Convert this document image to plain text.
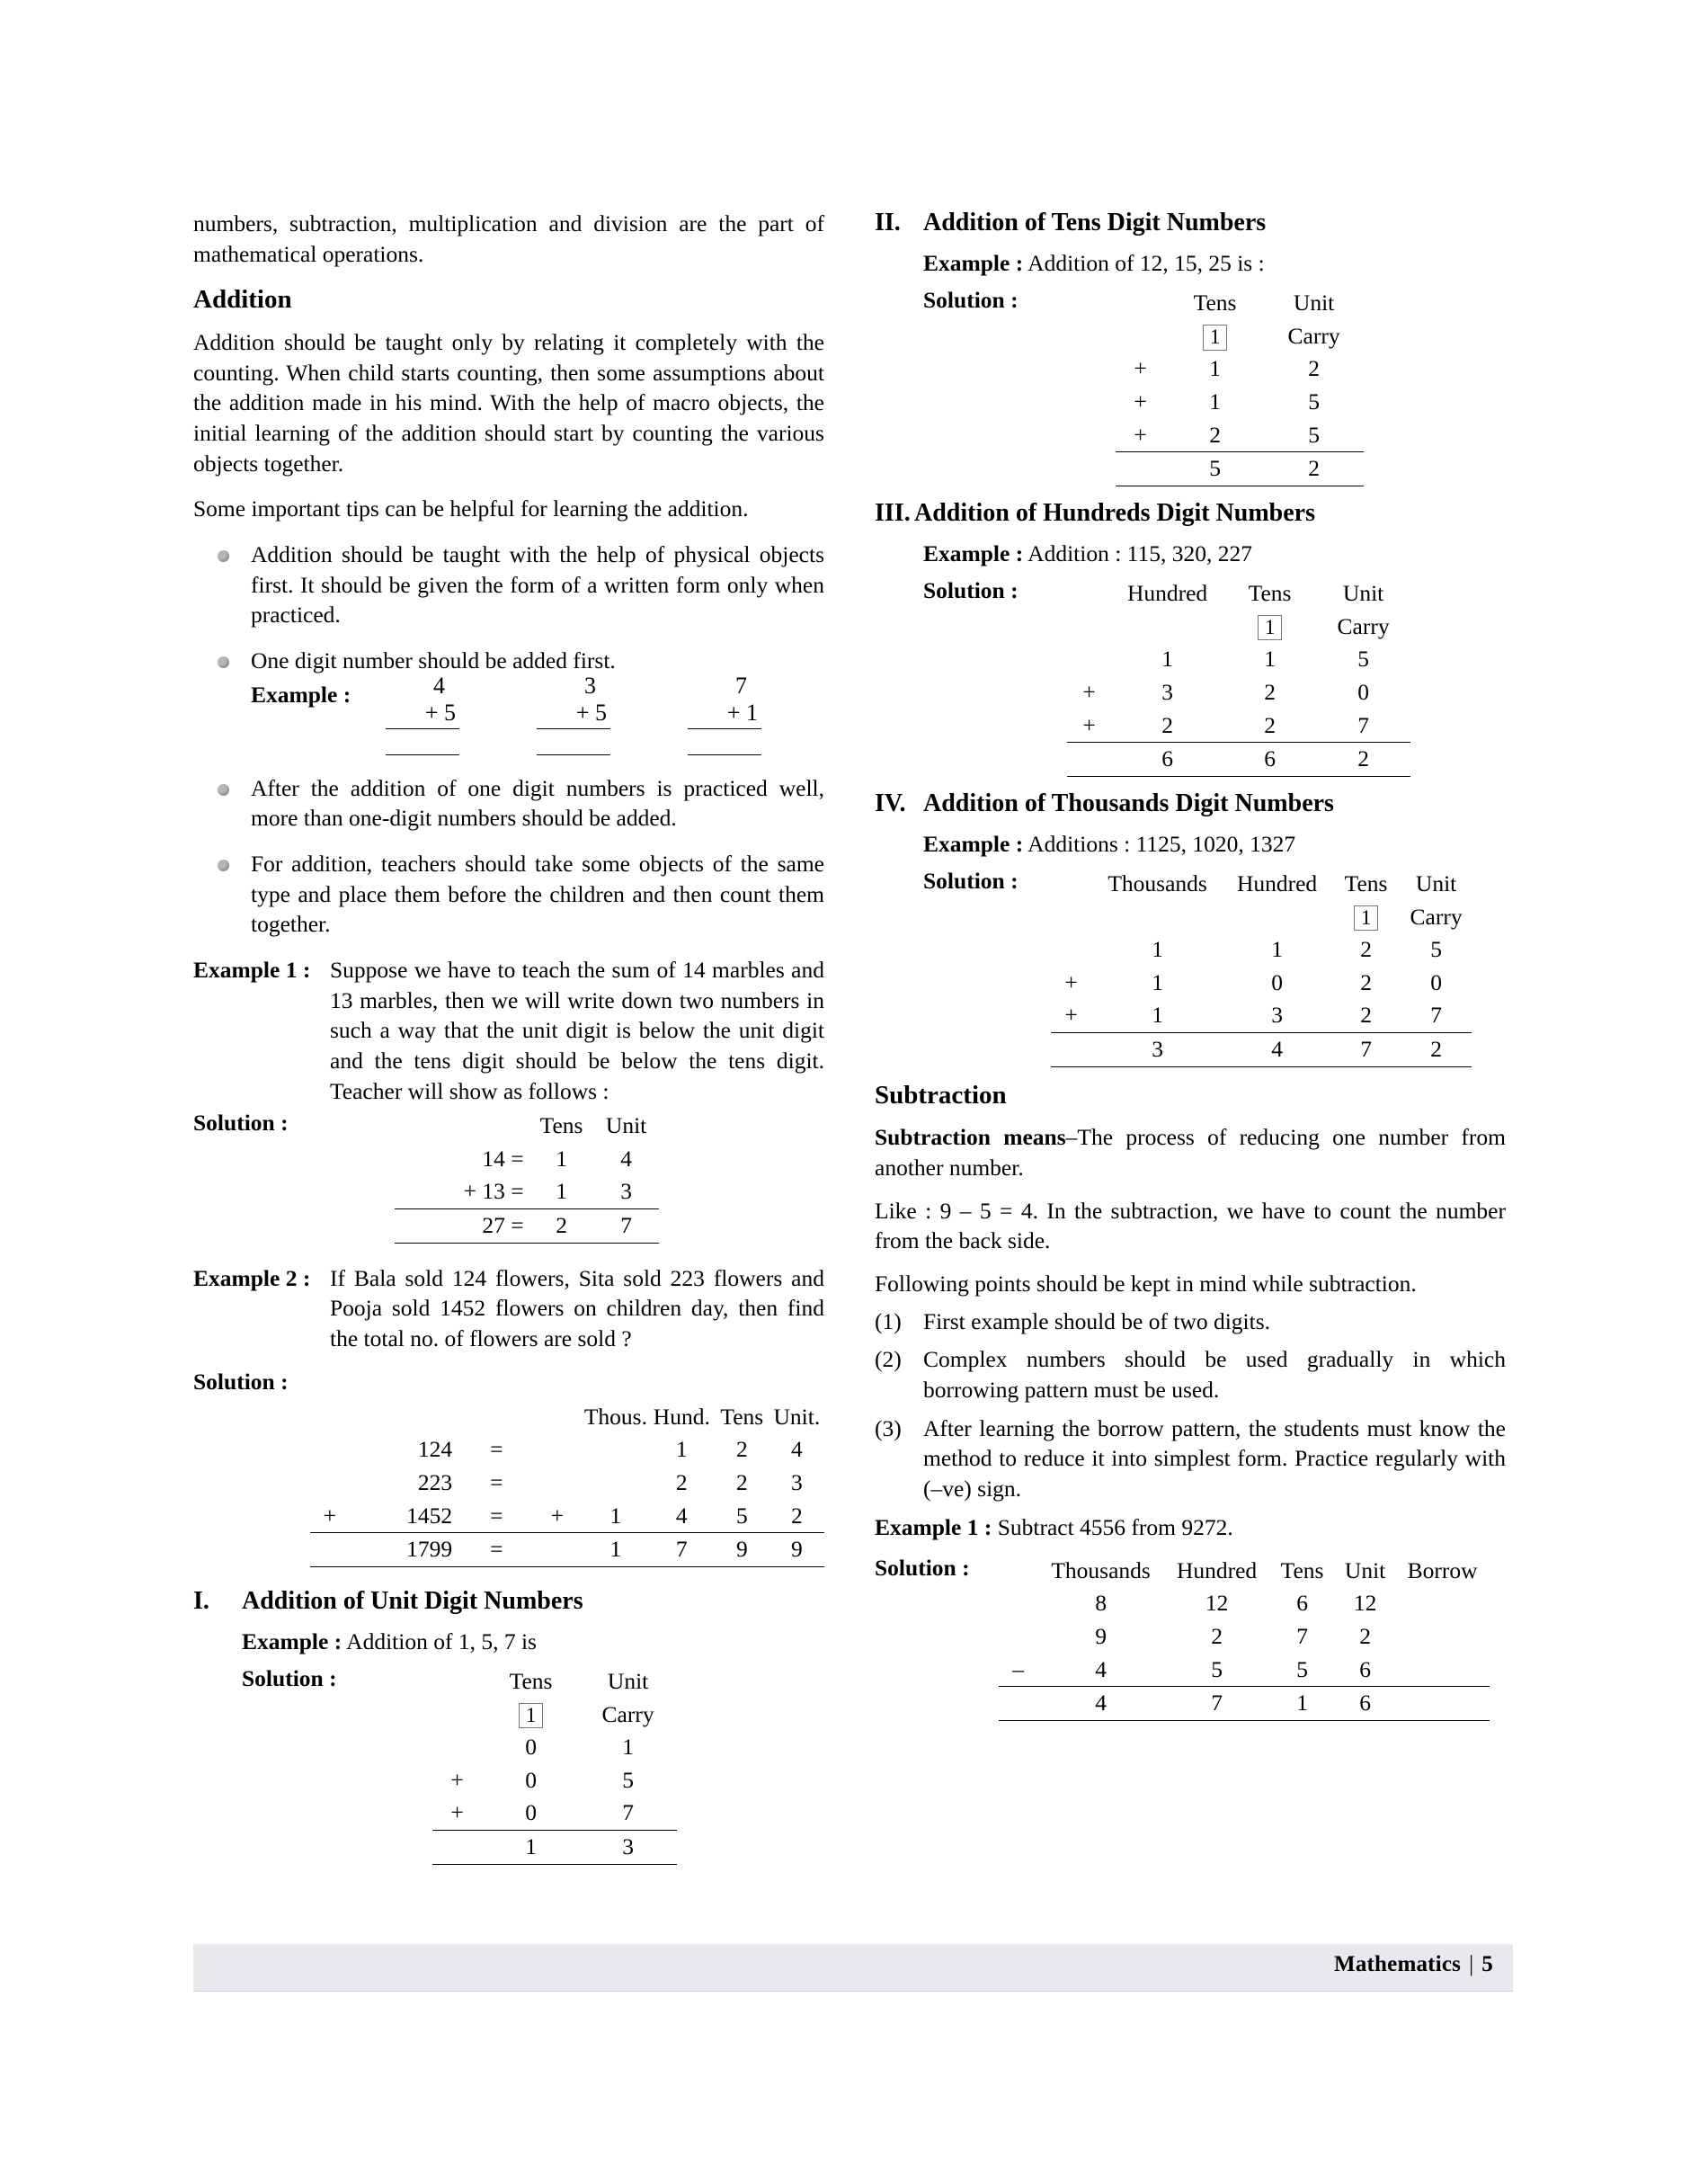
numbers, subtraction, multiplication and division are the part of mathematical operations.

Addition

Addition should be taught only by relating it completely with the counting. When child starts counting, then some assumptions about the addition made in his mind. With the help of macro objects, the initial learning of the addition should start by counting the various objects together.

Some important tips can be helpful for learning the addition.

Addition should be taught with the help of physical objects first. It should be given the form of a written form only when practiced.
One digit number should be added first.
Example :	4
+ 5
3
+ 5
7
+ 1
After the addition of one digit numbers is practiced well, more than one-digit numbers should be added.
For addition, teachers should take some objects of the same type and place them before the children and then count them together.
Example 1 : Suppose we have to teach the sum of 14 marbles and 13 marbles, then we will write down two numbers in such a way that the unit digit is below the unit digit and the tens digit should be below the tens digit. Teacher will show as follows :
Solution :
		Tens	Unit
14 =	1	4
+ 13 =	1	3
27 =	2	7
Example 2 : If Bala sold 124 flowers, Sita sold 223 flowers and Pooja sold 1452 flowers on children day, then find the total no. of flowers are sold ?
Solution :
				Thous.	Hund.	Tens	Unit.
	124	=			1	2	4
	223	=			2	2	3
+	1452	=	+	1	4	5	2
	1799	=		1	7	9	9
I.	Addition of Unit Digit Numbers
Example : Addition of 1, 5, 7 is
Solution :
		Tens	Unit
	1	Carry
	0	1
+	0	5
+	0	7
	1	3
II. Addition of Tens Digit Numbers
Example : Addition of 12, 15, 25 is :
Solution :
		Tens	Unit
	1	Carry
+	1	2
+	1	5
+	2	5
	5	2
III. Addition of Hundreds Digit Numbers
Example : Addition : 115, 320, 227
Solution :
		Hundred	Tens	Unit
		1	Carry
	1	1	5
+	3	2	0
+	2	2	7
	6	6	2
IV. Addition of Thousands Digit Numbers
Example : Additions : 1125, 1020, 1327
Solution :
		Thousands	Hundred	Tens	Unit
			1	Carry
	1	1	2	5
+	1	0	2	0
+	1	3	2	7
	3	4	7	2
Subtraction

Subtraction means–The process of reducing one number from another number.

Like : 9 – 5 = 4. In the subtraction, we have to count the number from the back side.

Following points should be kept in mind while subtraction.

(1) First example should be of two digits.
(2) Complex numbers should be used gradually in which borrowing pattern must be used.
(3) After learning the borrow pattern, the students must know the method to reduce it into simplest form. Practice regularly with (–ve) sign.
Example 1 : Subtract 4556 from 9272.
Solution :
		Thousands	Hundred	Tens	Unit	Borrow
	8	12	6	12	
	9	2	7	2	
–	4	5	5	6	
	4	7	1	6	
Mathematics | 5
